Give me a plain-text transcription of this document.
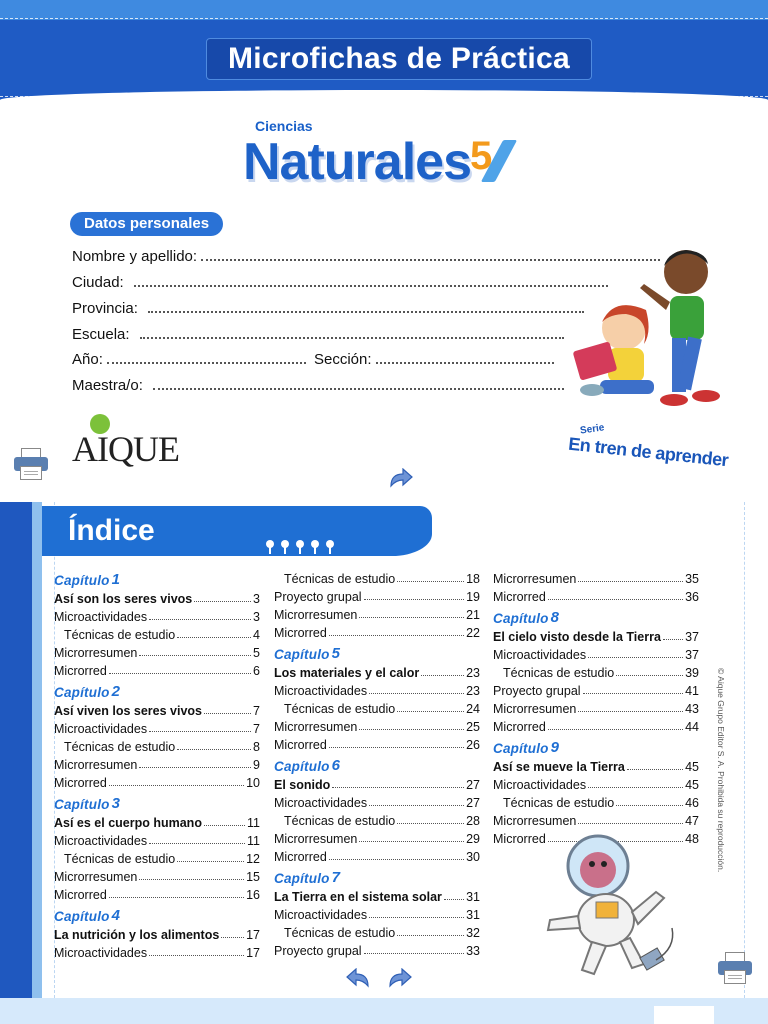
Microfichas de Práctica
Ciencias
Naturales 5
Datos personales
Nombre y apellido:
Ciudad:
Provincia:
Escuela:
Año:	Sección:
Maestra/o:
AIQUE	Serie
En tren de aprender
Índice
Capítulo 1
Así son los seres vivos	3
Microactividades	3
Técnicas de estudio	4
Microrresumen	5
Microrred	6
Capítulo 2
Así viven los seres vivos	7
Microactividades	7
Técnicas de estudio	8
Microrresumen	9
Microrred	10
Capítulo 3
Así es el cuerpo humano	11
Microactividades	11
Técnicas de estudio	12
Microrresumen	15
Microrred	16
Capítulo 4
La nutrición y los alimentos 17
Microactividades	17
Técnicas de estudio	18
Proyecto grupal	19
Microrresumen	21
Microrred	22
Capítulo 5
Los materiales y el calor	23
Microactividades	23
Técnicas de estudio	24
Microrresumen	25
Microrred	26
Capítulo 6
El sonido	27
Microactividades	27
Técnicas de estudio	28
Microrresumen	29
Microrred	30
Capítulo 7
La Tierra en el sistema solar 31
Microactividades	31
Técnicas de estudio	32
Proyecto grupal	33
Microrresumen	35
Microrred	36
Capítulo 8
El cielo visto desde la Tierra 37
Microactividades	37
Técnicas de estudio	39
Proyecto grupal	41
Microrresumen	43
Microrred	44
Capítulo 9
Así se mueve la Tierra	45
Microactividades	45
Técnicas de estudio	46
Microrresumen	47
Microrred	48 © Aique Grupo Editor S. A. Prohibida su reproducción.
